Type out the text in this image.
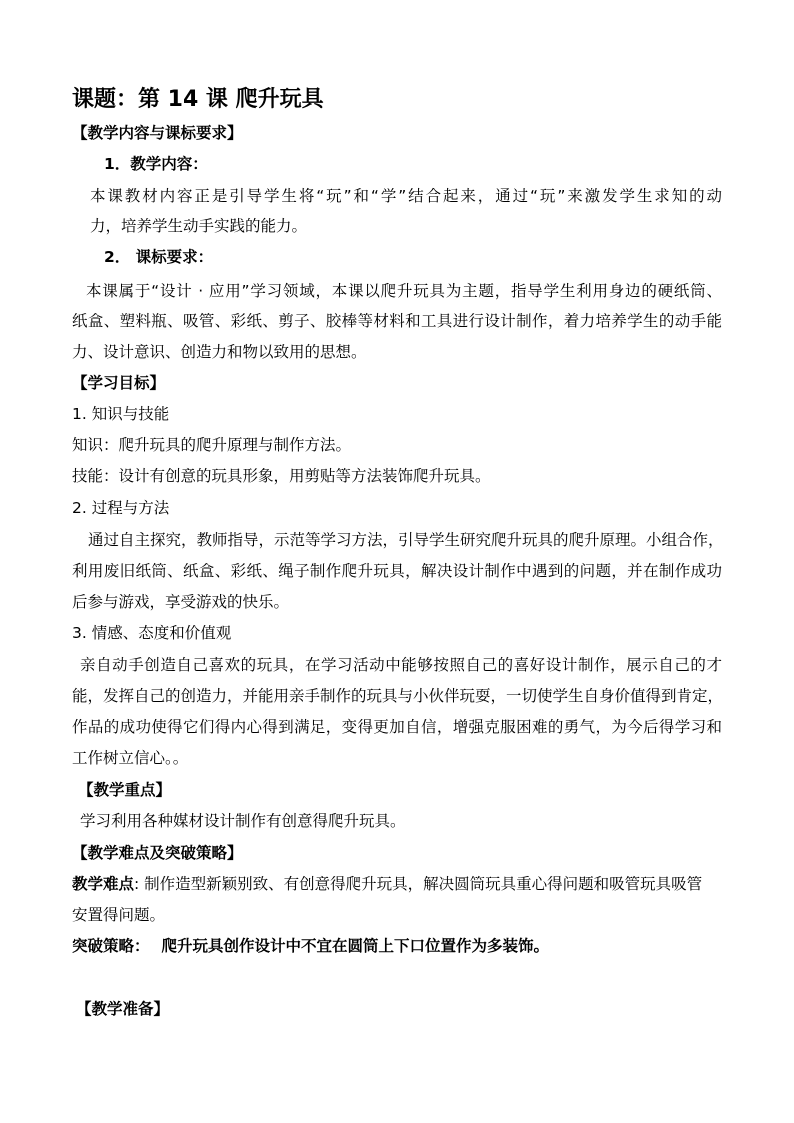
课题：第 14 课 爬升玩具
【教学内容与课标要求】
1．教学内容：
本课教材内容正是引导学生将“玩”和“学”结合起来，通过“玩”来激发学生求知的动
力，培养学生动手实践的能力。
2． 课标要求：
本课属于“设计 · 应用”学习领域，本课以爬升玩具为主题，指导学生利用身边的硬纸筒、
纸盒、塑料瓶、吸管、彩纸、剪子、胶棒等材料和工具进行设计制作，着力培养学生的动手能
力、设计意识、创造力和物以致用的思想。
【学习目标】
1. 知识与技能
知识：爬升玩具的爬升原理与制作方法。
技能：设计有创意的玩具形象，用剪贴等方法装饰爬升玩具。
2. 过程与方法
通过自主探究，教师指导，示范等学习方法，引导学生研究爬升玩具的爬升原理。小组合作，
利用废旧纸筒、纸盒、彩纸、绳子制作爬升玩具，解决设计制作中遇到的问题，并在制作成功
后参与游戏，享受游戏的快乐。
3. 情感、态度和价值观
亲自动手创造自己喜欢的玩具，在学习活动中能够按照自己的喜好设计制作，展示自己的才
能，发挥自己的创造力，并能用亲手制作的玩具与小伙伴玩耍，一切使学生自身价值得到肯定，
作品的成功使得它们得内心得到满足，变得更加自信，增强克服困难的勇气，为今后得学习和
工作树立信心。。
【教学重点】
学习利用各种媒材设计制作有创意得爬升玩具。
【教学难点及突破策略】
教学难点: 制作造型新颖别致、有创意得爬升玩具，解决圆筒玩具重心得问题和吸管玩具吸管
安置得问题。
突破策略： 爬升玩具创作设计中不宜在圆筒上下口位置作为多装饰。
【教学准备】
